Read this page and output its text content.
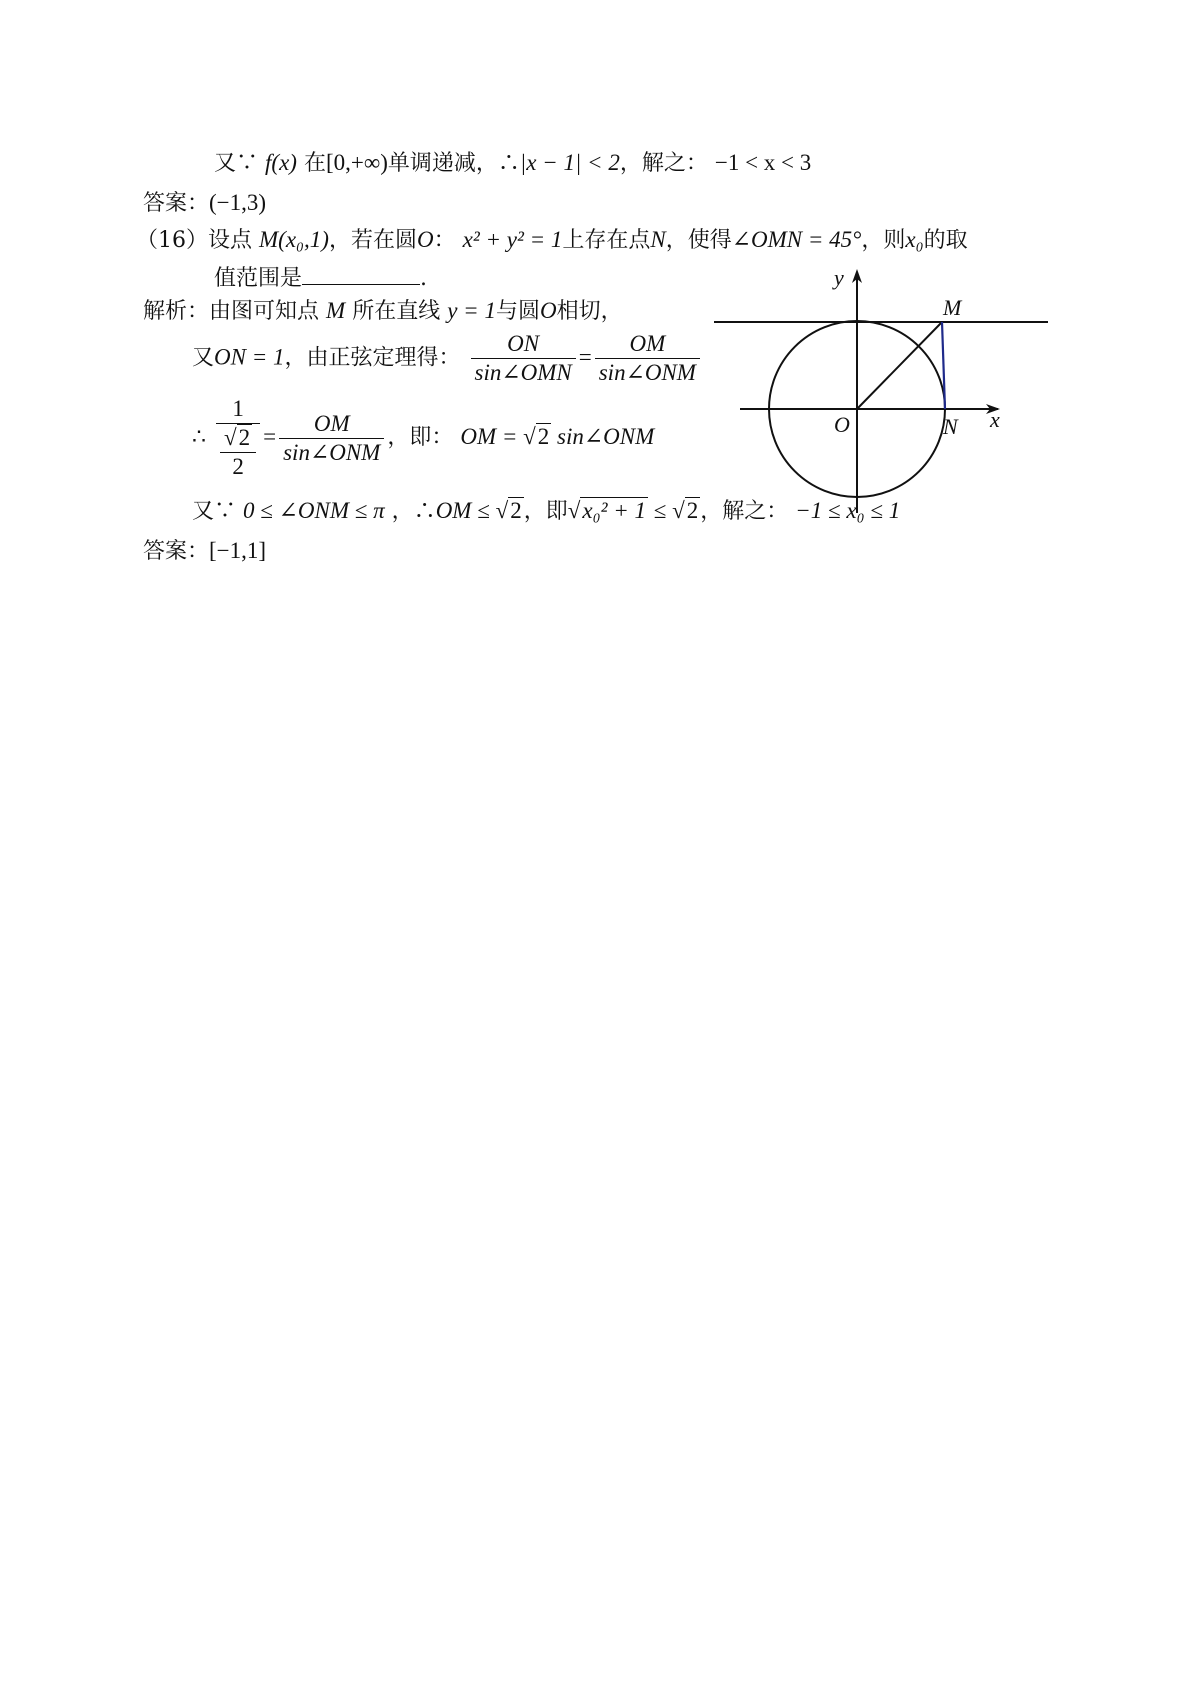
又∵ f(x) 在[0,+∞)单调递减，∴|x − 1| < 2，解之： −1 < x < 3
答案：(−1,3)
（16）设点 M(x₀,1)，若在圆O： x² + y² = 1上存在点N，使得∠OMN = 45°，则x₀的取
值范围是	.
解析：由图可知点 M 所在直线 y = 1与圆O相切，
又ON = 1，由正弦定理得： $\frac{ON}{\text{sin∠OMN}} = \frac{OM}{\text{sin∠ONM}}$
∴ $\frac{1}{\frac{√2}{2}} = \frac{OM}{\text{sin∠ONM}}$ ，即： OM = √2 sin∠ONM
又∵ 0 ≤ ∠ONM ≤ π ，∴OM ≤ √2，即√x₀² + 1 ≤ √2，解之： −1 ≤ x₀ ≤ 1
答案：[−1,1]
y
x
M
O	N
